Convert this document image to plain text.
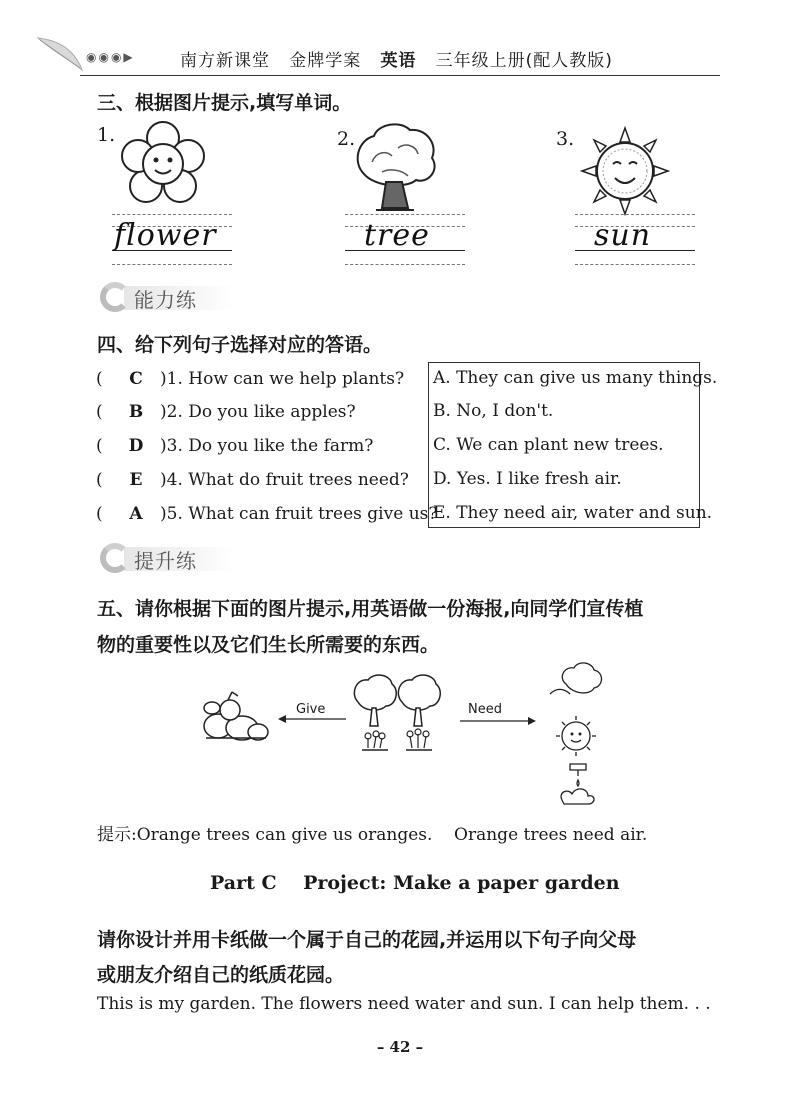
◉◉◉▶	南方新课堂 金牌学案 英语 三年级上册(配人教版)
三、根据图片提示,填写单词。
1.
flower
2.
tree
3.
sun
能力练
四、给下列句子选择对应的答语。
(	C	)1. How can we help plants?
( B )2. Do you like apples?
( D )3. Do you like the farm?
(	E	)4. What do fruit trees need?
(	A	)5. What can fruit trees give us?
A. They can give us many things.
B. No, I don't.
C. We can plant new trees.
D. Yes. I like fresh air.
E. They need air, water and sun.
提升练
五、请你根据下面的图片提示,用英语做一份海报,向同学们宣传植
物的重要性以及它们生长所需要的东西。
Give	Need
提示:Orange trees can give us oranges.    Orange trees need air.
Part C    Project: Make a paper garden
请你设计并用卡纸做一个属于自己的花园,并运用以下句子向父母
或朋友介绍自己的纸质花园。
This is my garden. The flowers need water and sun. I can help them. . .
– 42 –
